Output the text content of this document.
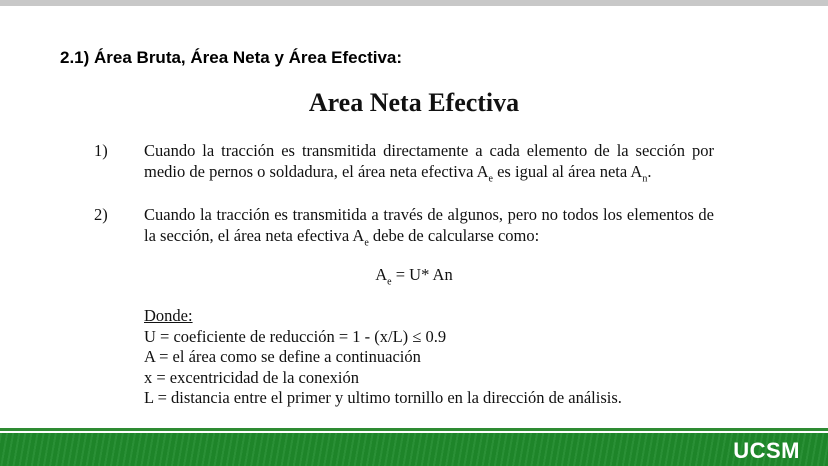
2.1) Área Bruta, Área Neta y Área Efectiva:
Area Neta Efectiva
1) Cuando la tracción es transmitida directamente a cada elemento de la sección por medio de pernos o soldadura, el área neta efectiva $A_e$ es igual al área neta $A_n$.
2) Cuando la tracción es transmitida a través de algunos, pero no todos los elementos de la sección, el área neta efectiva $A_e$ debe de calcularse como:
$A_e = U*$ An
Donde:
U = coeficiente de reducción = 1 - (x/L) ≤ 0.9
A = el área como se define a continuación
x = excentricidad de la conexión
L = distancia entre el primer y ultimo tornillo en la dirección de análisis.
UCSM
